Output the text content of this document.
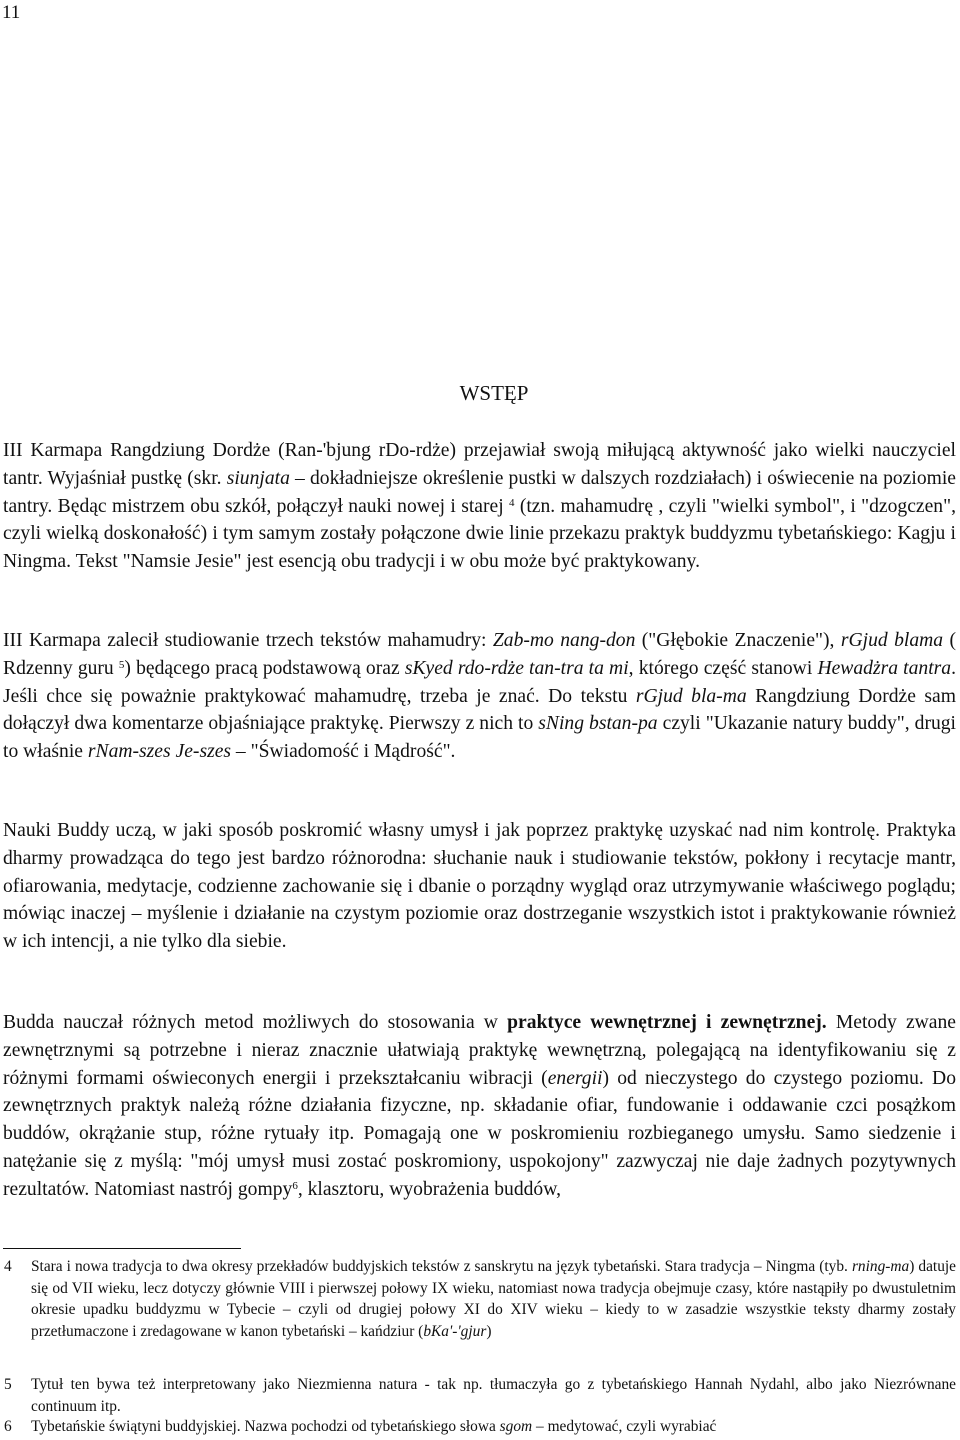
11
WSTĘP

III Karmapa Rangdziung Dordże (Ran-'bjung rDo-rdże) przejawiał swoją miłującą aktywność jako wielki nauczyciel tantr. Wyjaśniał pustkę (skr. siunjata – dokładniejsze określenie pustki w dalszych rozdziałach) i oświecenie na poziomie tantry. Będąc mistrzem obu szkół, połączył nauki nowej i starej $^4$ (tzn. mahamudrę , czyli "wielki symbol", i "dzogczen", czyli wielką doskonałość) i tym samym zostały połączone dwie linie przekazu praktyk buddyzmu tybetańskiego: Kagju i Ningma. Tekst "Namsie Jesie" jest esencją obu tradycji i w obu może być praktykowany.

III Karmapa zalecił studiowanie trzech tekstów mahamudry: Zab-mo nang-don ("Głębokie Znaczenie"), rGjud blama ( Rdzenny guru $^5$) będącego pracą podstawową oraz sKyed rdo-rdże tan-tra ta mi, którego część stanowi Hewadżra tantra. Jeśli chce się poważnie praktykować mahamudrę, trzeba je znać. Do tekstu rGjud bla-ma Rangdziung Dordże sam dołączył dwa komentarze objaśniające praktykę. Pierwszy z nich to sNing bstan-pa czyli "Ukazanie natury buddy", drugi to właśnie rNam-szes Je-szes – "Świadomość i Mądrość".

Nauki Buddy uczą, w jaki sposób poskromić własny umysł i jak poprzez praktykę uzyskać nad nim kontrolę. Praktyka dharmy prowadząca do tego jest bardzo różnorodna: słuchanie nauk i studiowanie tekstów, pokłony i recytacje mantr, ofiarowania, medytacje, codzienne zachowanie się i dbanie o porządny wygląd oraz utrzymywanie właściwego poglądu; mówiąc inaczej – myślenie i działanie na czystym poziomie oraz dostrzeganie wszystkich istot i praktykowanie również w ich intencji, a nie tylko dla siebie.

Budda nauczał różnych metod możliwych do stosowania w praktyce wewnętrznej i zewnętrznej. Metody zwane zewnętrznymi są potrzebne i nieraz znacznie ułatwiają praktykę wewnętrzną, polegającą na identyfikowaniu się z różnymi formami oświeconych energii i przekształcaniu wibracji (energii) od nieczystego do czystego poziomu. Do zewnętrznych praktyk należą różne działania fizyczne, np. składanie ofiar, fundowanie i oddawanie czci posążkom buddów, okrążanie stup, różne rytuały itp. Pomagają one w poskromieniu rozbieganego umysłu. Samo siedzenie i natężanie się z myślą: "mój umysł musi zostać poskromiony, uspokojony" zazwyczaj nie daje żadnych pozytywnych rezultatów. Natomiast nastrój gompy$^6$, klasztoru, wyobrażenia buddów,

4 Stara i nowa tradycja to dwa okresy przekładów buddyjskich tekstów z sanskrytu na język tybetański. Stara tradycja – Ningma (tyb. rning-ma) datuje się od VII wieku, lecz dotyczy głównie VIII i pierwszej połowy IX wieku, natomiast nowa tradycja obejmuje czasy, które nastąpiły po dwustuletnim okresie upadku buddyzmu w Tybecie – czyli od drugiej połowy XI do XIV wieku – kiedy to w zasadzie wszystkie teksty dharmy zostały przetłumaczone i zredagowane w kanon tybetański – kańdziur (bKa'-'gjur)
5 Tytuł ten bywa też interpretowany jako Niezmienna natura - tak np. tłumaczyła go z tybetańskiego Hannah Nydahl, albo jako Niezrównane continuum itp.
6 Tybetańskie świątyni buddyjskiej. Nazwa pochodzi od tybetańskiego słowa sgom – medytować, czyli wyrabiać
